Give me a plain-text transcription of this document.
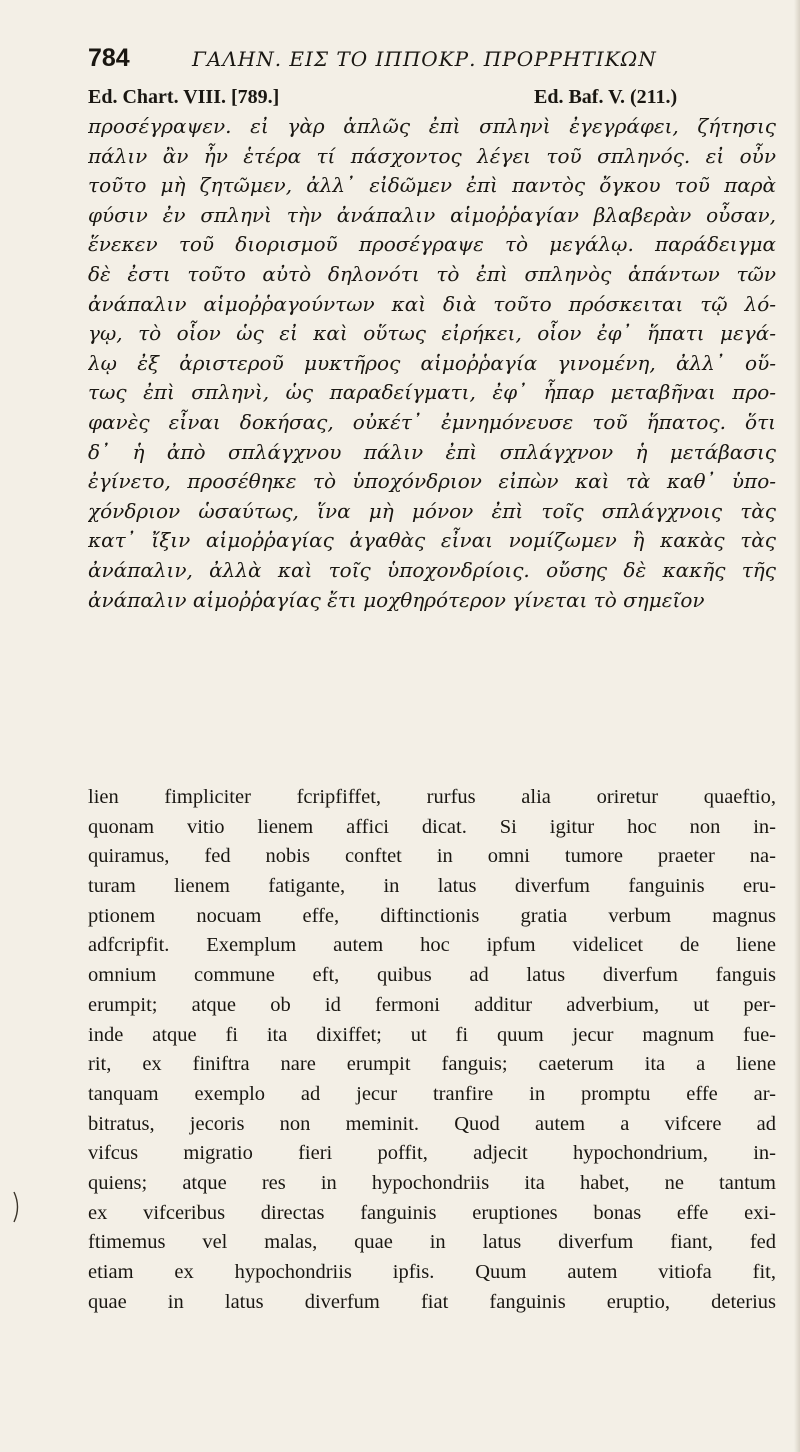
784	ΓΑΛΗΝ. ΕΙΣ ΤΟ ΙΠΠΟΚΡ. ΠΡΟΡΡΗΤΙΚΩΝ
Ed. Chart. VIII. [789.]	Ed. Baf. V. (211.)
προσέγραψεν. εἰ γὰρ ἁπλῶς ἐπὶ σπληνὶ ἐγεγράφει, ζήτησις
πάλιν ἂν ἦν ἑτέρα τί πάσχοντος λέγει τοῦ σπληνός. εἰ οὖν
τοῦτο μὴ ζητῶμεν, ἀλλ᾽ εἰδῶμεν ἐπὶ παντὸς ὄγκου τοῦ παρὰ
φύσιν ἐν σπληνὶ τὴν ἀνάπαλιν αἱμοῤῥαγίαν βλαβερὰν οὖσαν,
ἕνεκεν τοῦ διορισμοῦ προσέγραψε τὸ μεγάλῳ. παράδειγμα
δὲ ἐστι τοῦτο αὐτὸ δηλονότι τὸ ἐπὶ σπληνὸς ἁπάντων τῶν
ἀνάπαλιν αἱμοῤῥαγούντων καὶ διὰ τοῦτο πρόσκειται τῷ λό-
γῳ, τὸ οἷον ὡς εἰ καὶ οὕτως εἰρήκει, οἷον ἐφ᾽ ἥπατι μεγά-
λῳ ἐξ ἀριστεροῦ μυκτῆρος αἱμοῤῥαγία γινομένη, ἀλλ᾽ οὕ-
τως ἐπὶ σπληνὶ, ὡς παραδείγματι, ἐφ᾽ ἧπαρ μεταβῆναι προ-
φανὲς εἶναι δοκήσας, οὐκέτ᾽ ἐμνημόνευσε τοῦ ἥπατος. ὅτι
δ᾽ ἡ ἀπὸ σπλάγχνου πάλιν ἐπὶ σπλάγχνον ἡ μετάβασις
ἐγίνετο, προσέθηκε τὸ ὑποχόνδριον εἰπὼν καὶ τὰ καθ᾽ ὑπο-
χόνδριον ὡσαύτως, ἵνα μὴ μόνον ἐπὶ τοῖς σπλάγχνοις τὰς
κατ᾽ ἴξιν αἱμοῤῥαγίας ἀγαθὰς εἶναι νομίζωμεν ἢ κακὰς τὰς
ἀνάπαλιν, ἀλλὰ καὶ τοῖς ὑποχονδρίοις. οὔσης δὲ κακῆς τῆς
ἀνάπαλιν αἱμοῤῥαγίας ἔτι μοχθηρότερον γίνεται τὸ σημεῖον
lien fimpliciter fcripfiffet, rurfus alia oriretur quaeftio,
quonam vitio lienem affici dicat. Si igitur hoc non in-
quiramus, fed nobis conftet in omni tumore praeter na-
turam lienem fatigante, in latus diverfum fanguinis eru-
ptionem nocuam effe, diftinctionis gratia verbum magnus
adfcripfit. Exemplum autem hoc ipfum videlicet de liene
omnium commune eft, quibus ad latus diverfum fanguis
erumpit; atque ob id fermoni additur adverbium, ut per-
inde atque fi ita dixiffet; ut fi quum jecur magnum fue-
rit, ex finiftra nare erumpit fanguis; caeterum ita a liene
tanquam exemplo ad jecur tranfire in promptu effe ar-
bitratus, jecoris non meminit. Quod autem a vifcere ad
vifcus migratio fieri poffit, adjecit hypochondrium, in-
quiens; atque res in hypochondriis ita habet, ne tantum
ex vifceribus directas fanguinis eruptiones bonas effe exi-
ftimemus vel malas, quae in latus diverfum fiant, fed
etiam ex hypochondriis ipfis. Quum autem vitiofa fit,
quae in latus diverfum fiat fanguinis eruptio, deterius
